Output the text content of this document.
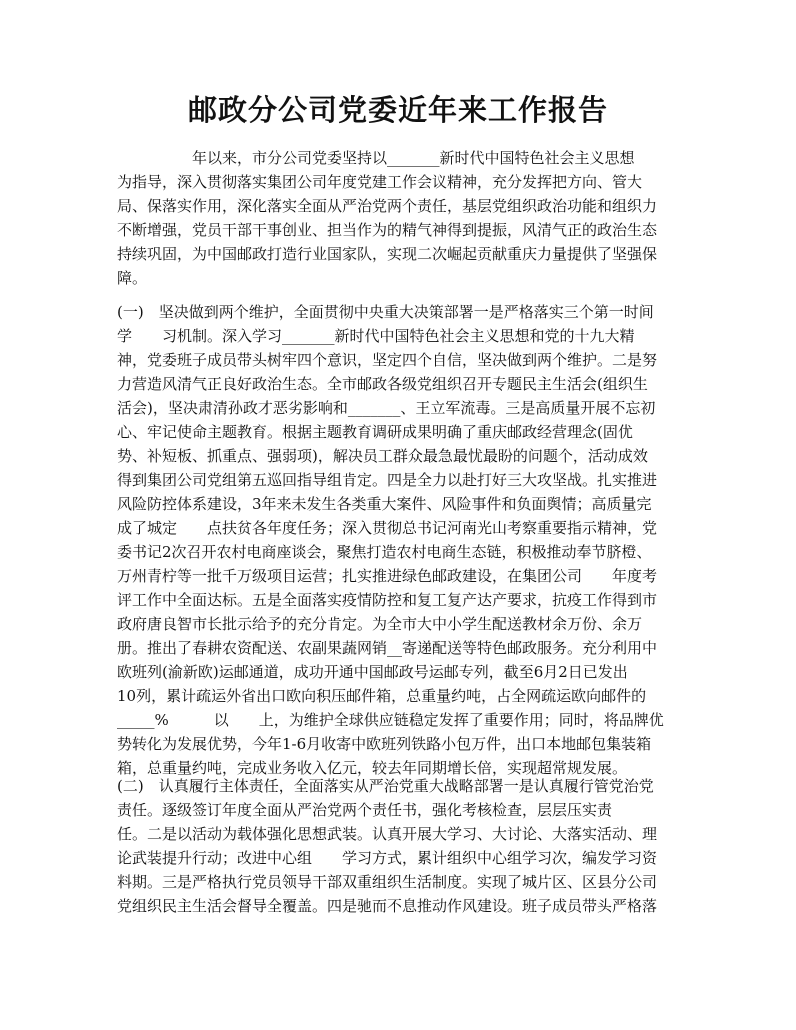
邮政分公司党委近年来工作报告
　　　　　年以来，市分公司党委坚持以_______新时代中国特色社会主义思想
为指导，深入贯彻落实集团公司年度党建工作会议精神，充分发挥把方向、管大
局、保落实作用，深化落实全面从严治党两个责任，基层党组织政治功能和组织力
不断增强，党员干部干事创业、担当作为的精气神得到提振，风清气正的政治生态
持续巩固，为中国邮政打造行业国家队，实现二次崛起贡献重庆力量提供了坚强保
障。
(一)　坚决做到两个维护，全面贯彻中央重大决策部署一是严格落实三个第一时间
学　　习机制。深入学习_______新时代中国特色社会主义思想和党的十九大精
神，党委班子成员带头树牢四个意识，坚定四个自信，坚决做到两个维护。二是努
力营造风清气正良好政治生态。全市邮政各级党组织召开专题民主生活会(组织生
活会)，坚决肃清孙政才恶劣影响和_______、王立军流毒。三是高质量开展不忘初
心、牢记使命主题教育。根据主题教育调研成果明确了重庆邮政经营理念(固优
势、补短板、抓重点、强弱项)，解决员工群众最急最忧最盼的问题个，活动成效
得到集团公司党组第五巡回指导组肯定。四是全力以赴打好三大攻坚战。扎实推进
风险防控体系建设，3年来未发生各类重大案件、风险事件和负面舆情；高质量完
成了城定　　点扶贫各年度任务；深入贯彻总书记河南光山考察重要指示精神，党
委书记2次召开农村电商座谈会，聚焦打造农村电商生态链，积极推动奉节脐橙、
万州青柠等一批千万级项目运营；扎实推进绿色邮政建设，在集团公司　　年度考
评工作中全面达标。五是全面落实疫情防控和复工复产达产要求，抗疫工作得到市
政府唐良智市长批示给予的充分肯定。为全市大中小学生配送教材余万份、余万
册。推出了春耕农资配送、农副果蔬网销__寄递配送等特色邮政服务。充分利用中
欧班列(渝新欧)运邮通道，成功开通中国邮政号运邮专列，截至6月2日已发出
10列，累计疏运外省出口欧向积压邮件箱，总重量约吨，占全网疏运欧向邮件的
_____%　　　以　　上，为维护全球供应链稳定发挥了重要作用；同时，将品牌优
势转化为发展优势，今年1-6月收寄中欧班列铁路小包万件，出口本地邮包集装箱
箱，总重量约吨，完成业务收入亿元，较去年同期增长倍，实现超常规发展。
(二)　认真履行主体责任，全面落实从严治党重大战略部署一是认真履行管党治党
责任。逐级签订年度全面从严治党两个责任书，强化考核检查，层层压实责
任。二是以活动为载体强化思想武装。认真开展大学习、大讨论、大落实活动、理
论武装提升行动；改进中心组　　学习方式，累计组织中心组学习次，编发学习资
料期。三是严格执行党员领导干部双重组织生活制度。实现了城片区、区县分公司
党组织民主生活会督导全覆盖。四是驰而不息推动作风建设。班子成员带头严格落
